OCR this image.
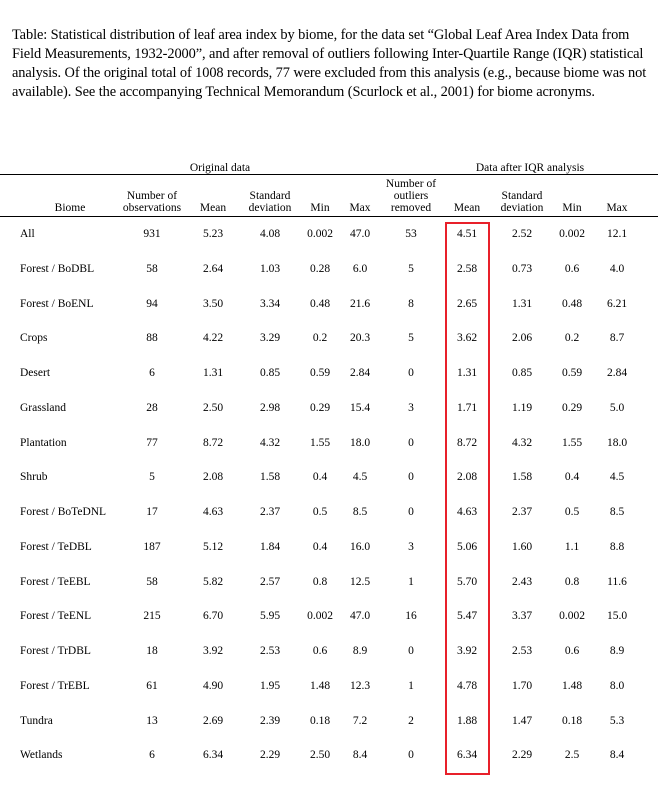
Table: Statistical distribution of leaf area index by biome, for the data set “Global Leaf Area Index Data from Field Measurements, 1932-2000”, and after removal of outliers following Inter-Quartile Range (IQR) statistical analysis. Of the original total of 1008 records, 77 were excluded from this analysis (e.g., because biome was not available). See the accompanying Technical Memorandum (Scurlock et al., 2001) for biome acronyms.
Original data	Data after IQR analysis
Biome
Number of
observations	Mean
Standard
deviation	Min	Max
Number of
outliers
removed	Mean
Standard
deviation	Min	Max
All	931	5.23	4.08	0.002	47.0	53	4.51	2.52	0.002	12.1
Forest / BoDBL	58	2.64	1.03	0.28	6.0	5	2.58	0.73	0.6	4.0
Forest / BoENL	94	3.50	3.34	0.48	21.6	8	2.65	1.31	0.48	6.21
Crops	88	4.22	3.29	0.2	20.3	5	3.62	2.06	0.2	8.7
Desert	6	1.31	0.85	0.59	2.84	0	1.31	0.85	0.59	2.84
Grassland	28	2.50	2.98	0.29	15.4	3	1.71	1.19	0.29	5.0
Plantation	77	8.72	4.32	1.55	18.0	0	8.72	4.32	1.55	18.0
Shrub	5	2.08	1.58	0.4	4.5	0	2.08	1.58	0.4	4.5
Forest / BoTeDNL	17	4.63	2.37	0.5	8.5	0	4.63	2.37	0.5	8.5
Forest / TeDBL	187	5.12	1.84	0.4	16.0	3	5.06	1.60	1.1	8.8
Forest / TeEBL	58	5.82	2.57	0.8	12.5	1	5.70	2.43	0.8	11.6
Forest / TeENL	215	6.70	5.95	0.002	47.0	16	5.47	3.37	0.002	15.0
Forest / TrDBL	18	3.92	2.53	0.6	8.9	0	3.92	2.53	0.6	8.9
Forest / TrEBL	61	4.90	1.95	1.48	12.3	1	4.78	1.70	1.48	8.0
Tundra	13	2.69	2.39	0.18	7.2	2	1.88	1.47	0.18	5.3
Wetlands	6	6.34	2.29	2.50	8.4	0	6.34	2.29	2.5	8.4
